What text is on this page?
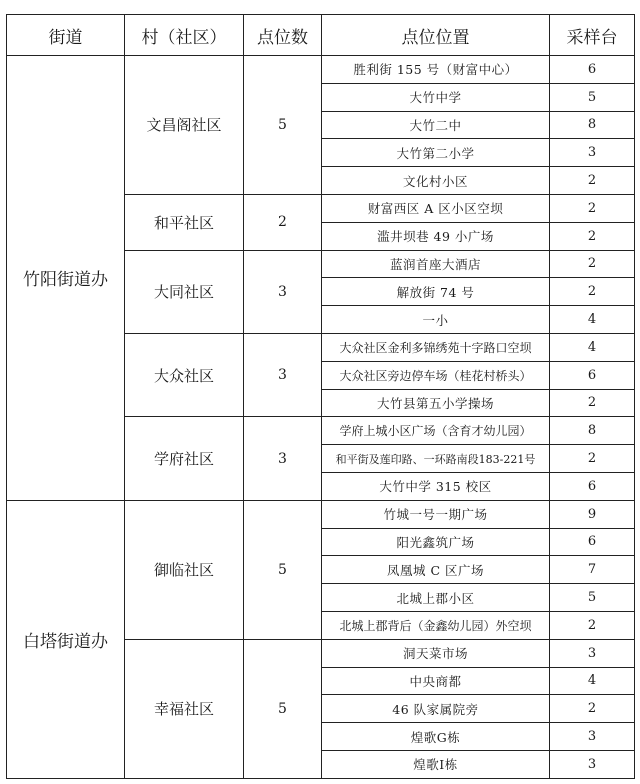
街道	村（社区）	点位数	点位位置	采样台
竹阳街道办	文昌阁社区	5	胜利街 155 号（财富中心）	6
			大竹中学	5
			大竹二中	8
			大竹第二小学	3
			文化村小区	2
	和平社区	2	财富西区 A 区小区空坝	2
			滥井坝巷 49 小广场	2
	大同社区	3	蓝润首座大酒店	2
			解放街 74 号	2
			一小	4
	大众社区	3	大众社区金利多锦绣苑十字路口空坝	4
			大众社区旁边停车场（桂花村桥头）	6
			大竹县第五小学操场	2
	学府社区	3	学府上城小区广场（含育才幼儿园）	8
			和平街及莲印路、一环路南段183-221号	2
			大竹中学 315 校区	6
白塔街道办	御临社区	5	竹城一号一期广场	9
			阳光鑫筑广场	6
			凤凰城 C 区广场	7
			北城上郡小区	5
			北城上郡背后（金鑫幼儿园）外空坝	2
	幸福社区	5	洞天菜市场	3
			中央商都	4
			46 队家属院旁	2
			煌歌G栋	3
			煌歌I栋	3
